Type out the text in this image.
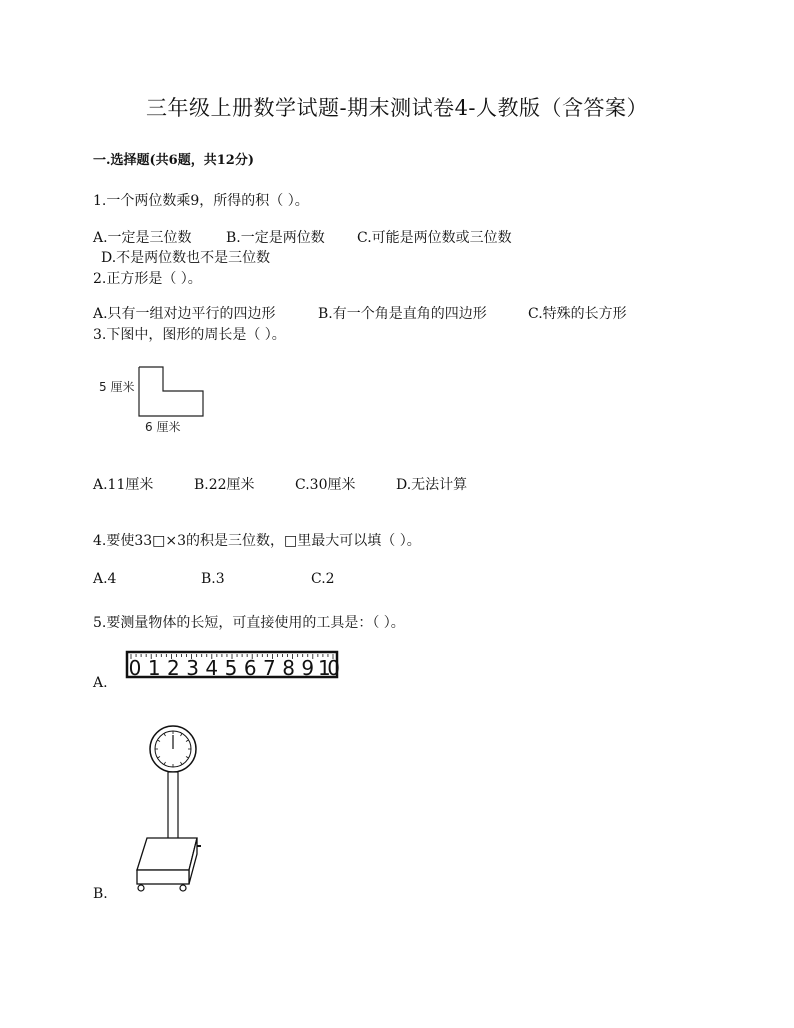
三年级上册数学试题-期末测试卷4-人教版（含答案）
一.选择题(共6题，共12分)
1.一个两位数乘9，所得的积（ ）。
A.一定是三位数 B.一定是两位数 C.可能是两位数或三位数
D.不是两位数也不是三位数
2.正方形是（ ）。
A.只有一组对边平行的四边形	B.有一个角是直角的四边形	C.特殊的长方形
3.下图中，图形的周长是（ ）。
5 厘米
6 厘米
A.11厘米	B.22厘米	C.30厘米	D.无法计算
4.要使33□×3的积是三位数，□里最大可以填（ ）。
A.4	B.3	C.2
5.要测量物体的长短，可直接使用的工具是：（ ）。
0 1 2 3 4 5 6 7 8 9 10
A.
B.
